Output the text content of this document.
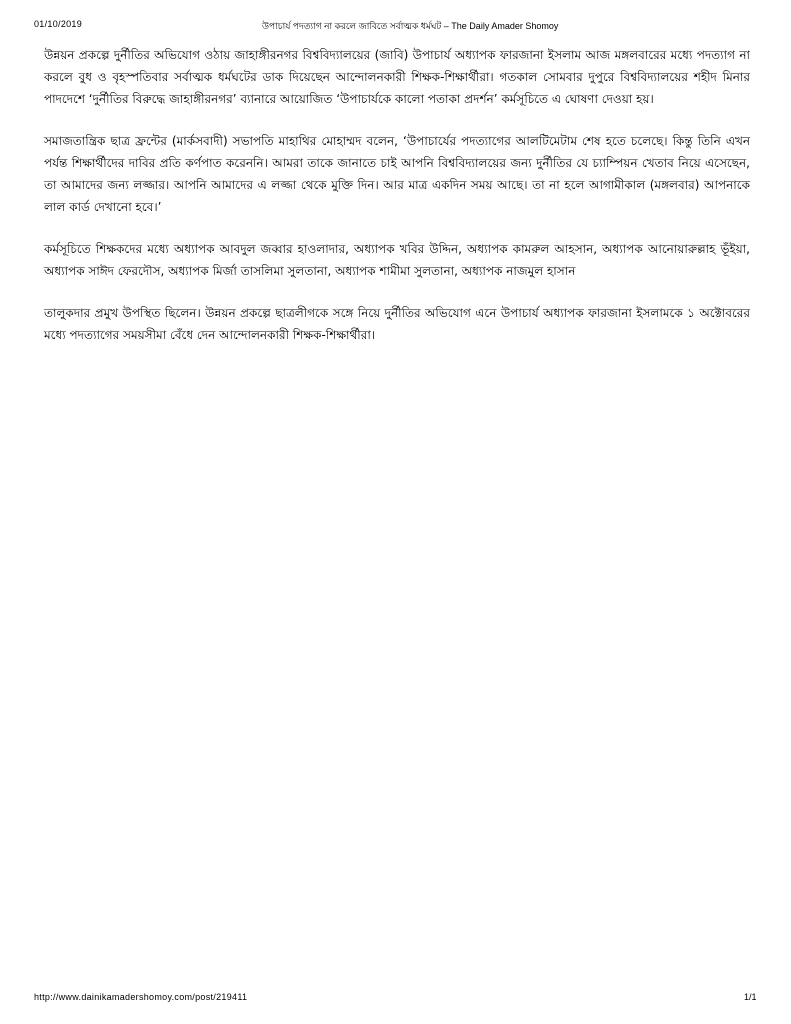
01/10/2019	উপাচার্য পদত্যাগ না করলে জাবিতে সর্বাত্মক ধর্মঘট – The Daily Amader Shomoy

উন্নয়ন প্রকল্পে দুর্নীতির অভিযোগ ওঠায় জাহাঙ্গীরনগর বিশ্ববিদ্যালয়ের (জাবি) উপাচার্য অধ্যাপক ফারজানা ইসলাম আজ মঙ্গলবারের মধ্যে পদত্যাগ না করলে বুধ ও বৃহস্পতিবার সর্বাত্মক ধর্মঘটের ডাক দিয়েছেন আন্দোলনকারী শিক্ষক-শিক্ষার্থীরা। গতকাল সোমবার দুপুরে বিশ্ববিদ্যালয়ের শহীদ মিনার পাদদেশে ‘দুর্নীতির বিরুদ্ধে জাহাঙ্গীরনগর’ ব্যানারে আয়োজিত ‘উপাচার্যকে কালো পতাকা প্রদর্শন’ কর্মসূচিতে এ ঘোষণা দেওয়া হয়।

সমাজতান্ত্রিক ছাত্র ফ্রন্টের (মার্কসবাদী) সভাপতি মাহাথির মোহাম্মদ বলেন, ‘উপাচার্যের পদত্যাগের আলটিমেটাম শেষ হতে চলেছে। কিন্তু তিনি এখন পর্যন্ত শিক্ষার্থীদের দাবির প্রতি কর্ণপাত করেননি। আমরা তাকে জানাতে চাই আপনি বিশ্ববিদ্যালয়ের জন্য দুর্নীতির যে চ্যাম্পিয়ন খেতাব নিয়ে এসেছেন, তা আমাদের জন্য লজ্জার। আপনি আমাদের এ লজ্জা থেকে মুক্তি দিন। আর মাত্র একদিন সময় আছে। তা না হলে আগামীকাল (মঙ্গলবার) আপনাকে লাল কার্ড দেখানো হবে।’

কর্মসূচিতে শিক্ষকদের মধ্যে অধ্যাপক আবদুল জব্বার হাওলাদার, অধ্যাপক খবির উদ্দিন, অধ্যাপক কামরুল আহসান, অধ্যাপক আনোয়ারুল্লাহ ভূঁইয়া, অধ্যাপক সাঈদ ফেরদৌস, অধ্যাপক মির্জা তাসলিমা সুলতানা, অধ্যাপক শামীমা সুলতানা, অধ্যাপক নাজমুল হাসান

তালুকদার প্রমুখ উপস্থিত ছিলেন। উন্নয়ন প্রকল্পে ছাত্রলীগকে সঙ্গে নিয়ে দুর্নীতির অভিযোগ এনে উপাচার্য অধ্যাপক ফারজানা ইসলামকে ১ অক্টোবরের মধ্যে পদত্যাগের সময়সীমা বেঁধে দেন আন্দোলনকারী শিক্ষক-শিক্ষার্থীরা।

http://www.dainikamadershomoy.com/post/219411	1/1
